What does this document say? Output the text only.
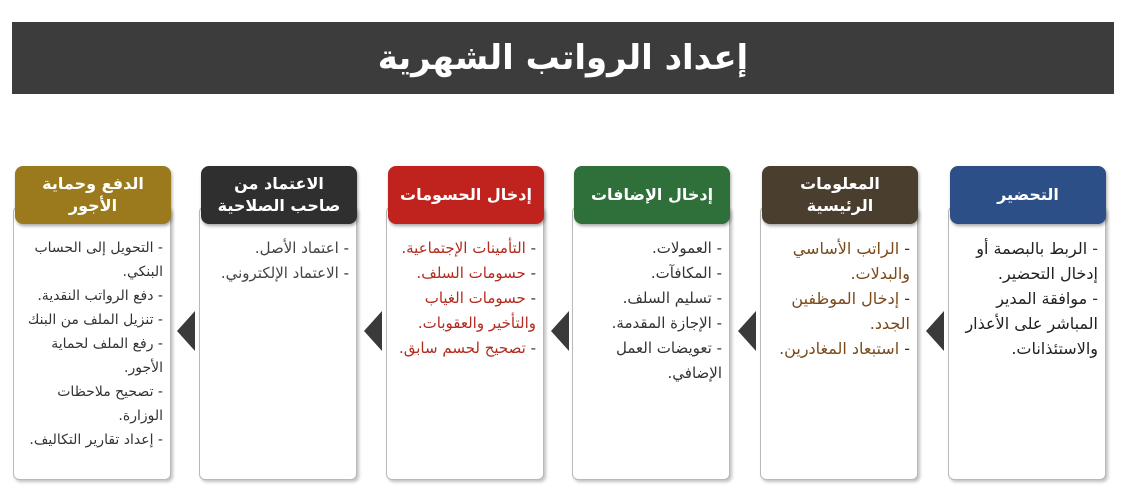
إعداد الرواتب الشهرية
التحضير
- الربط بالبصمة أو إدخال التحضير.
- موافقة المدير المباشر على الأعذار والاستئذانات.
المعلومات الرئيسية
- الراتب الأساسي والبدلات.
- إدخال الموظفين الجدد.
- استبعاد المغادرين.
إدخال الإضافات
- العمولات.
- المكافآت.
- تسليم السلف.
- الإجازة المقدمة.
- تعويضات العمل الإضافي.
إدخال الحسومات
- التأمينات الإجتماعية.
- حسومات السلف.
- حسومات الغياب والتأخير والعقوبات.
- تصحيح لحسم سابق.
الاعتماد من صاحب الصلاحية
- اعتماد الأصل.
- الاعتماد الإلكتروني.
الدفع وحماية الأجور
- التحويل إلى الحساب البنكي.
- دفع الرواتب النقدية.
- تنزيل الملف من البنك
- رفع الملف لحماية الأجور.
- تصحيح ملاحظات الوزارة.
- إعداد تقارير التكاليف.
